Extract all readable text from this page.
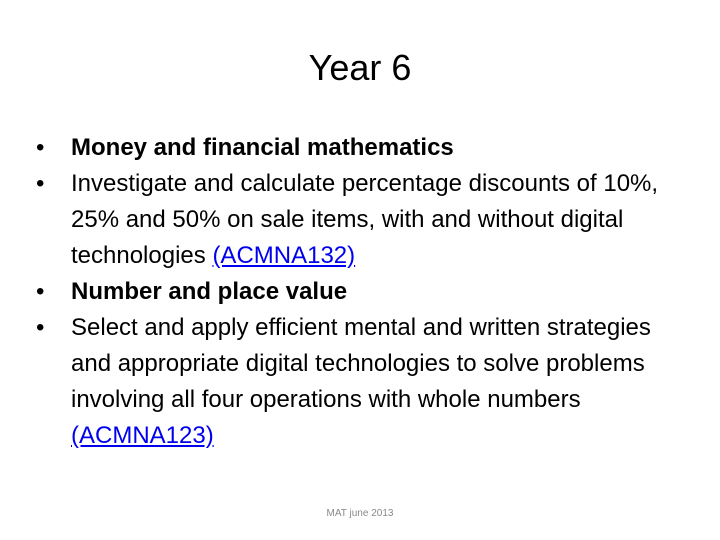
Year 6
•	Money and financial mathematics
•	Investigate and calculate percentage discounts of 10%, 25% and 50% on sale items, with and without digital technologies (ACMNA132)
•	Number and place value
•	Select and apply efficient mental and written strategies and appropriate digital technologies to solve problems involving all four operations with whole numbers (ACMNA123)
MAT june 2013
